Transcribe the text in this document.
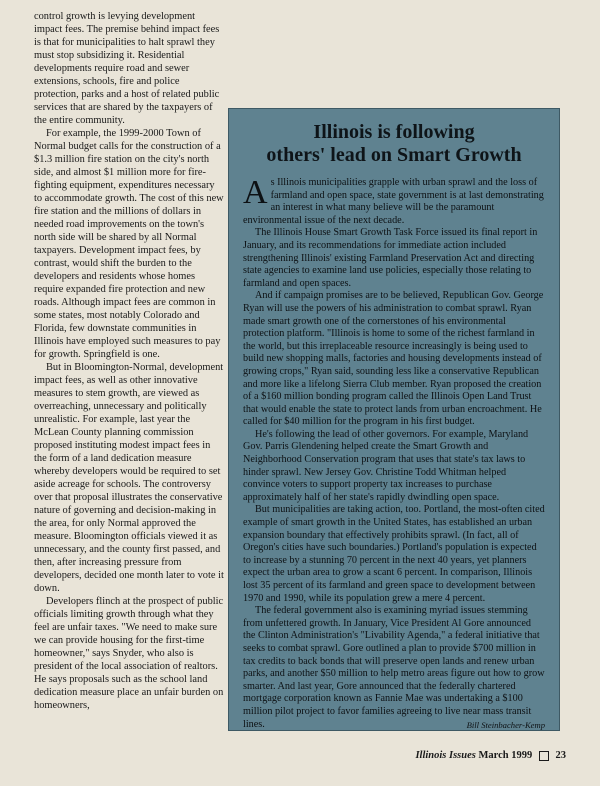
control growth is levying development impact fees. The premise behind impact fees is that for municipalities to halt sprawl they must stop subsidizing it. Residential developments require road and sewer extensions, schools, fire and police protection, parks and a host of related public services that are shared by the taxpayers of the entire community.

For example, the 1999-2000 Town of Normal budget calls for the construction of a $1.3 million fire station on the city's north side, and almost $1 million more for fire-fighting equipment, expenditures necessary to accommodate growth. The cost of this new fire station and the millions of dollars in needed road improvements on the town's north side will be shared by all Normal taxpayers. Development impact fees, by contrast, would shift the burden to the developers and residents whose homes require expanded fire protection and new roads. Although impact fees are common in some states, most notably Colorado and Florida, few downstate communities in Illinois have employed such measures to pay for growth. Springfield is one.

But in Bloomington-Normal, development impact fees, as well as other innovative measures to stem growth, are viewed as overreaching, unnecessary and politically unrealistic. For example, last year the McLean County planning commission proposed instituting modest impact fees in the form of a land dedication measure whereby developers would be required to set aside acreage for schools. The controversy over that proposal illustrates the conservative nature of governing and decision-making in the area, for only Normal approved the measure. Bloomington officials viewed it as unnecessary, and the county first passed, and then, after increasing pressure from developers, decided one month later to vote it down.

Developers flinch at the prospect of public officials limiting growth through what they feel are unfair taxes. "We need to make sure we can provide housing for the first-time homeowner," says Snyder, who also is president of the local association of realtors. He says proposals such as the school land dedication measure place an unfair burden on homeowners,

Illinois is following
others' lead on Smart Growth

As Illinois municipalities grapple with urban sprawl and the loss of farmland and open space, state government is at last demonstrating an interest in what many believe will be the paramount environmental issue of the next decade.

The Illinois House Smart Growth Task Force issued its final report in January, and its recommendations for immediate action included strengthening Illinois' existing Farmland Preservation Act and directing state agencies to examine land use policies, especially those relating to farmland and open spaces.

And if campaign promises are to be believed, Republican Gov. George Ryan will use the powers of his administration to combat sprawl. Ryan made smart growth one of the cornerstones of his environmental protection platform. "Illinois is home to some of the richest farmland in the world, but this irreplaceable resource increasingly is being used to build new shopping malls, factories and housing developments instead of growing crops," Ryan said, sounding less like a conservative Republican and more like a lifelong Sierra Club member. Ryan proposed the creation of a $160 million bonding program called the Illinois Open Land Trust that would enable the state to protect lands from urban encroachment. He called for $40 million for the program in his first budget.

He's following the lead of other governors. For example, Maryland Gov. Parris Glendening helped create the Smart Growth and Neighborhood Conservation program that uses that state's tax laws to hinder sprawl. New Jersey Gov. Christine Todd Whitman helped convince voters to support property tax increases to purchase approximately half of her state's rapidly dwindling open space.

But municipalities are taking action, too. Portland, the most-often cited example of smart growth in the United States, has established an urban expansion boundary that effectively prohibits sprawl. (In fact, all of Oregon's cities have such boundaries.) Portland's population is expected to increase by a stunning 70 percent in the next 40 years, yet planners expect the urban area to grow a scant 6 percent. In comparison, Illinois lost 35 percent of its farmland and green space to development between 1970 and 1990, while its population grew a mere 4 percent.

The federal government also is examining myriad issues stemming from unfettered growth. In January, Vice President Al Gore announced the Clinton Administration's "Livability Agenda," a federal initiative that seeks to combat sprawl. Gore outlined a plan to provide $700 million in tax credits to back bonds that will preserve open lands and renew urban parks, and another $50 million to help metro areas figure out how to grow smarter. And last year, Gore announced that the federally chartered mortgage corporation known as Fannie Mae was undertaking a $100 million pilot project to favor families agreeing to live near mass transit lines.	Bill Steinbacher-Kemp
Illinois Issues March 1999 23
